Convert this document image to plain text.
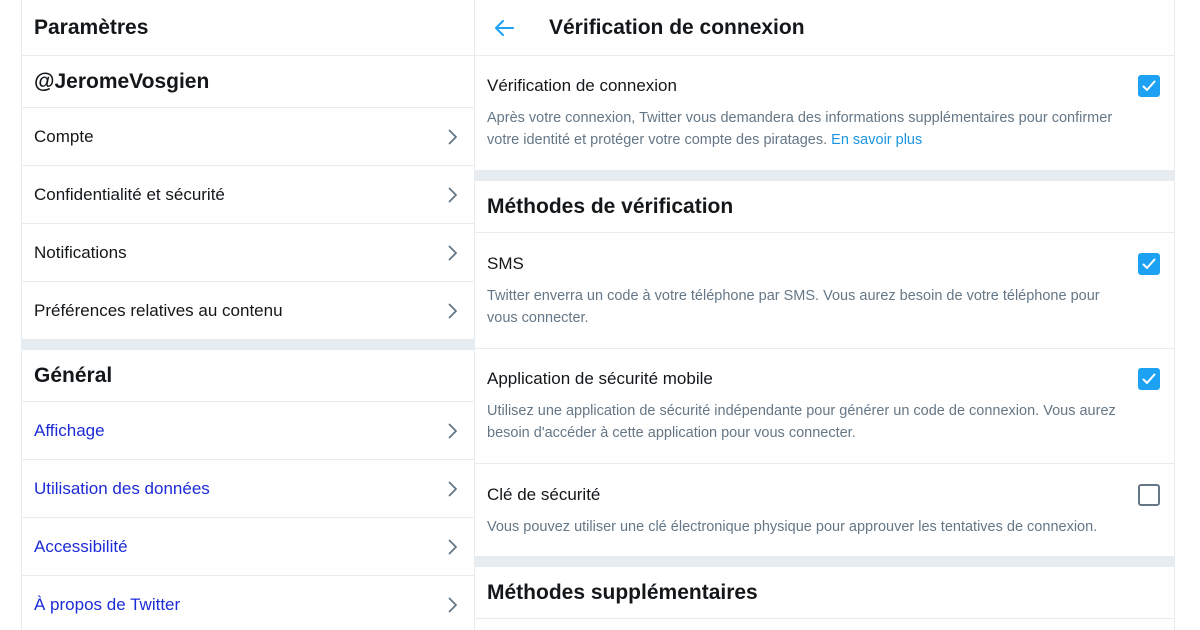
Paramètres
@JeromeVosgien
Compte
Confidentialité et sécurité
Notifications
Préférences relatives au contenu
Général
Affichage
Utilisation des données
Accessibilité
À propos de Twitter
Vérification de connexion
Vérification de connexion

Après votre connexion, Twitter vous demandera des informations supplémentaires pour confirmer votre identité et protéger votre compte des piratages. En savoir plus

Méthodes de vérification
SMS

Twitter enverra un code à votre téléphone par SMS. Vous aurez besoin de votre téléphone pour vous connecter.

Application de sécurité mobile

Utilisez une application de sécurité indépendante pour générer un code de connexion. Vous aurez besoin d'accéder à cette application pour vous connecter.

Clé de sécurité

Vous pouvez utiliser une clé électronique physique pour approuver les tentatives de connexion.

Méthodes supplémentaires
